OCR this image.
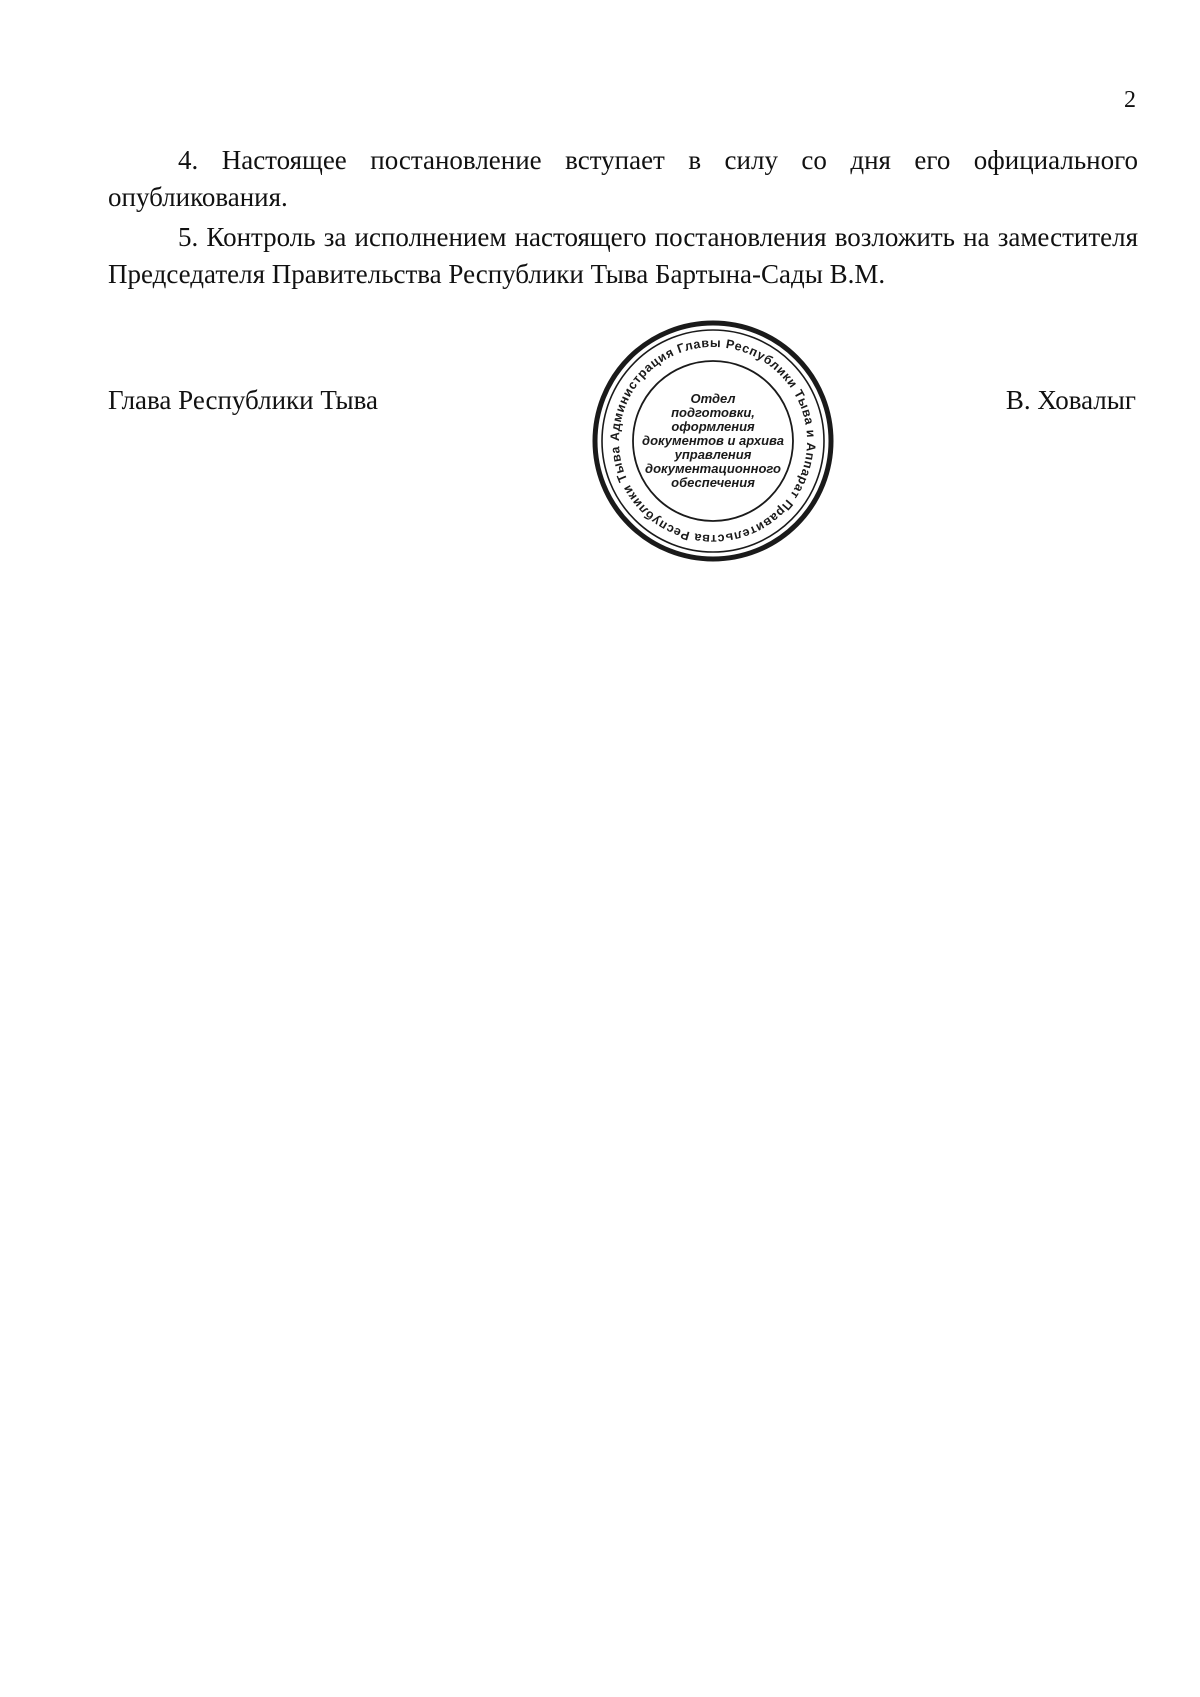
2

4. Настоящее постановление вступает в силу со дня его официального опубликования.

5. Контроль за исполнением настоящего постановления возложить на заместителя Председателя Правительства Республики Тыва Бартына-Сады В.М.

Глава Республики Тыва
Администрация Главы Республики Тыва и Аппарат Правительства Республики Тыва
Отдел
подготовки,
оформления
документов и архива
управления
документационного
обеспечения
В. Ховалыг
